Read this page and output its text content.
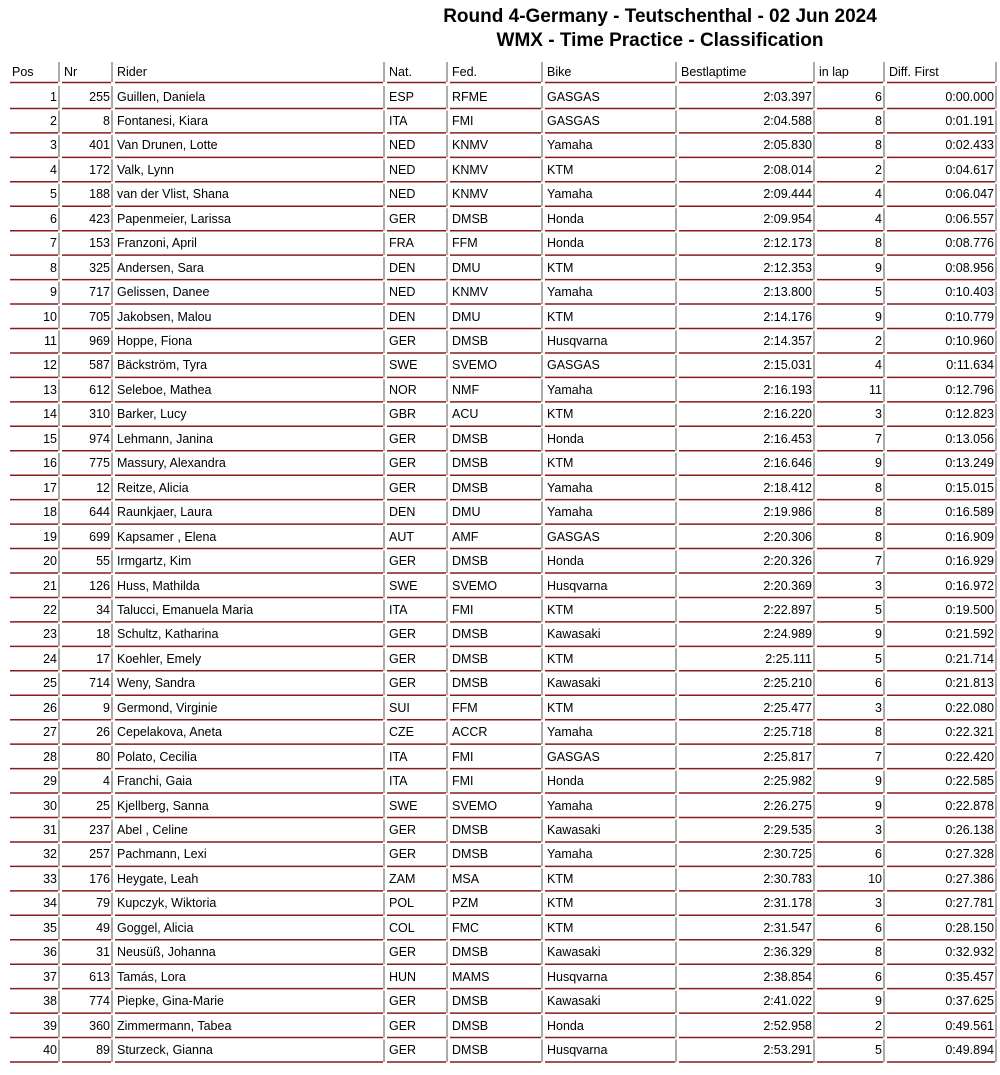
Round 4-Germany - Teutschenthal - 02 Jun 2024
WMX - Time Practice - Classification
Pos	Nr	Rider	Nat.	Fed.	Bike	Bestlaptime	in lap	Diff. First
1	255 Guillen, Daniela	ESP	RFME	GASGAS	2:03.397	6	0:00.000
2	8 Fontanesi, Kiara	ITA	FMI	GASGAS	2:04.588	8	0:01.191
3	401 Van Drunen, Lotte	NED	KNMV	Yamaha	2:05.830	8	0:02.433
4	172 Valk, Lynn	NED	KNMV	KTM	2:08.014	2	0:04.617
5	188 van der Vlist, Shana	NED	KNMV	Yamaha	2:09.444	4	0:06.047
6	423 Papenmeier, Larissa	GER	DMSB	Honda	2:09.954	4	0:06.557
7	153 Franzoni, April	FRA	FFM	Honda	2:12.173	8	0:08.776
8	325 Andersen, Sara	DEN	DMU	KTM	2:12.353	9	0:08.956
9	717 Gelissen, Danee	NED	KNMV	Yamaha	2:13.800	5	0:10.403
10	705 Jakobsen, Malou	DEN	DMU	KTM	2:14.176	9	0:10.779
11	969 Hoppe, Fiona	GER	DMSB	Husqvarna	2:14.357	2	0:10.960
12	587 Bäckström, Tyra	SWE	SVEMO	GASGAS	2:15.031	4	0:11.634
13	612 Seleboe, Mathea	NOR	NMF	Yamaha	2:16.193	11	0:12.796
14	310 Barker, Lucy	GBR	ACU	KTM	2:16.220	3	0:12.823
15	974 Lehmann, Janina	GER	DMSB	Honda	2:16.453	7	0:13.056
16	775 Massury, Alexandra	GER	DMSB	KTM	2:16.646	9	0:13.249
17	12 Reitze, Alicia	GER	DMSB	Yamaha	2:18.412	8	0:15.015
18	644 Raunkjaer, Laura	DEN	DMU	Yamaha	2:19.986	8	0:16.589
19	699 Kapsamer , Elena	AUT	AMF	GASGAS	2:20.306	8	0:16.909
20	55 Irmgartz, Kim	GER	DMSB	Honda	2:20.326	7	0:16.929
21	126 Huss, Mathilda	SWE	SVEMO	Husqvarna	2:20.369	3	0:16.972
22	34 Talucci, Emanuela Maria	ITA	FMI	KTM	2:22.897	5	0:19.500
23	18 Schultz, Katharina	GER	DMSB	Kawasaki	2:24.989	9	0:21.592
24	17 Koehler, Emely	GER	DMSB	KTM	2:25.111	5	0:21.714
25	714 Weny, Sandra	GER	DMSB	Kawasaki	2:25.210	6	0:21.813
26	9 Germond, Virginie	SUI	FFM	KTM	2:25.477	3	0:22.080
27	26 Cepelakova, Aneta	CZE	ACCR	Yamaha	2:25.718	8	0:22.321
28	80 Polato, Cecilia	ITA	FMI	GASGAS	2:25.817	7	0:22.420
29	4 Franchi, Gaia	ITA	FMI	Honda	2:25.982	9	0:22.585
30	25 Kjellberg, Sanna	SWE	SVEMO	Yamaha	2:26.275	9	0:22.878
31	237 Abel , Celine	GER	DMSB	Kawasaki	2:29.535	3	0:26.138
32	257 Pachmann, Lexi	GER	DMSB	Yamaha	2:30.725	6	0:27.328
33	176 Heygate, Leah	ZAM	MSA	KTM	2:30.783	10	0:27.386
34	79 Kupczyk, Wiktoria	POL	PZM	KTM	2:31.178	3	0:27.781
35	49 Goggel, Alicia	COL	FMC	KTM	2:31.547	6	0:28.150
36	31 Neusüß, Johanna	GER	DMSB	Kawasaki	2:36.329	8	0:32.932
37	613 Tamás, Lora	HUN	MAMS	Husqvarna	2:38.854	6	0:35.457
38	774 Piepke, Gina-Marie	GER	DMSB	Kawasaki	2:41.022	9	0:37.625
39	360 Zimmermann, Tabea	GER	DMSB	Honda	2:52.958	2	0:49.561
40	89 Sturzeck, Gianna	GER	DMSB	Husqvarna	2:53.291	5	0:49.894
